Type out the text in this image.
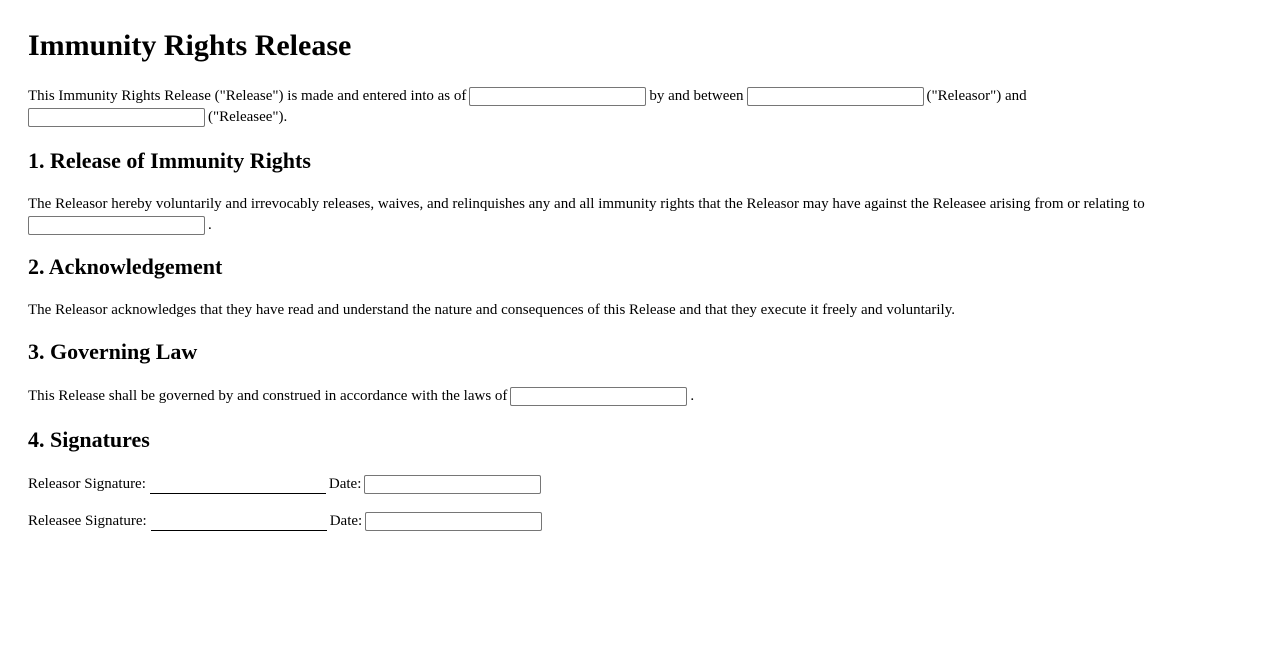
Immunity Rights Release
This Immunity Rights Release ("Release") is made and entered into as of	by and between	("Releasor") and
("Releasee").
1. Release of Immunity Rights
The Releasor hereby voluntarily and irrevocably releases, waives, and relinquishes any and all immunity rights that the Releasor may have against the Releasee arising from or relating to
.
2. Acknowledgement
The Releasor acknowledges that they have read and understand the nature and consequences of this Release and that they execute it freely and voluntarily.
3. Governing Law
This Release shall be governed by and construed in accordance with the laws of	.
4. Signatures
Releasor Signature:	Date:
Releasee Signature:	Date:
